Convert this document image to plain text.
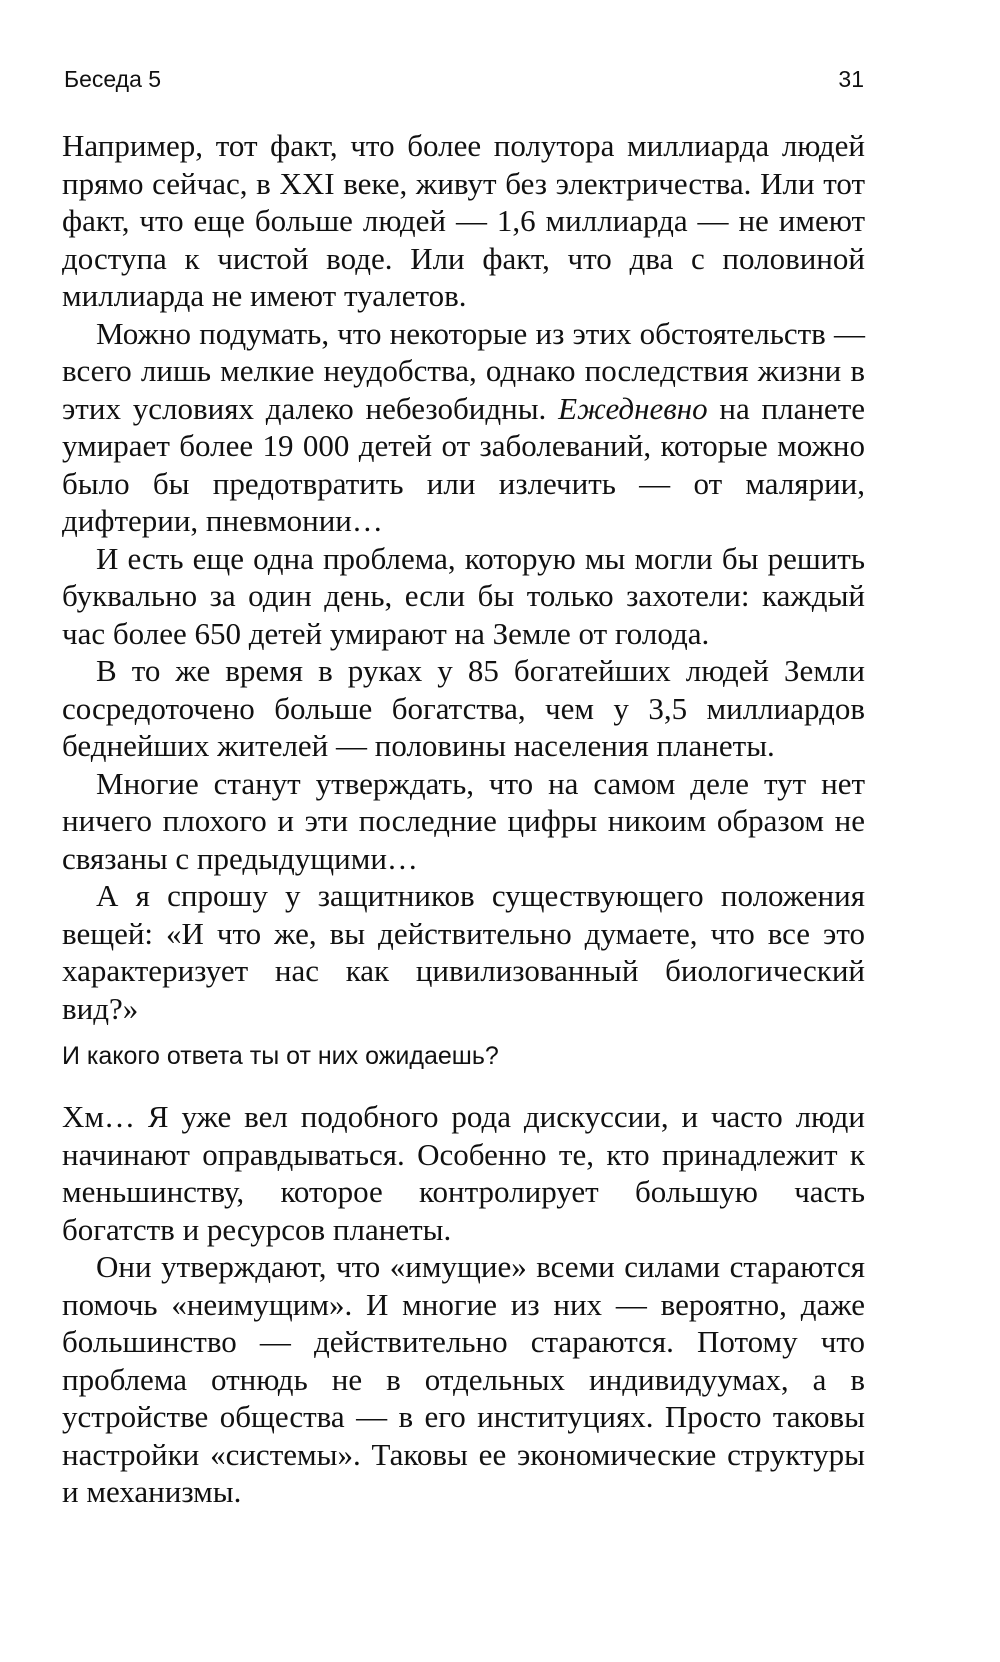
Беседа 5	31

Например, тот факт, что более полутора миллиарда людей прямо сейчас, в XXI веке, живут без электричества. Или тот факт, что еще больше людей — 1,6 миллиарда — не имеют доступа к чистой воде. Или факт, что два с половиной миллиарда не имеют туалетов.

Можно подумать, что некоторые из этих обстоятельств — всего лишь мелкие неудобства, однако последствия жизни в этих условиях далеко небезобидны. Ежедневно на планете умирает более 19 000 детей от заболеваний, которые можно было бы предотвратить или излечить — от малярии, дифтерии, пневмонии…

И есть еще одна проблема, которую мы могли бы решить буквально за один день, если бы только захотели: каждый час более 650 детей умирают на Земле от голода.

В то же время в руках у 85 богатейших людей Земли сосредоточено больше богатства, чем у 3,5 миллиардов беднейших жителей — половины населения планеты.

Многие станут утверждать, что на самом деле тут нет ничего плохого и эти последние цифры никоим образом не связаны с предыдущими…

А я спрошу у защитников существующего положения вещей: «И что же, вы действительно думаете, что все это характеризует нас как цивилизованный биологический вид?»

И какого ответа ты от них ожидаешь?

Хм… Я уже вел подобного рода дискуссии, и часто люди начинают оправдываться. Особенно те, кто принадлежит к меньшинству, которое контролирует большую часть богатств и ресурсов планеты.

Они утверждают, что «имущие» всеми силами стараются помочь «неимущим». И многие из них — вероятно, даже большинство — действительно стараются. Потому что проблема отнюдь не в отдельных индивидуумах, а в устройстве общества — в его институциях. Просто таковы настройки «системы». Таковы ее экономические структуры и механизмы.
